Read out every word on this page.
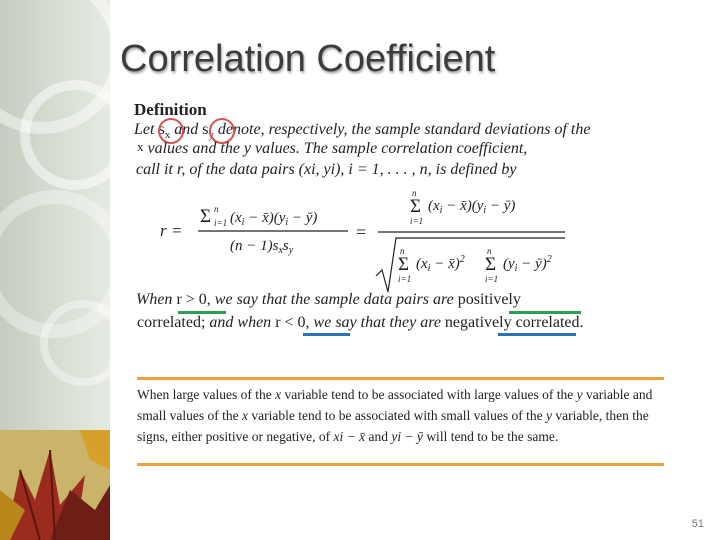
Correlation Coefficient
Definition
Let $s_x$ and $s_y$ denote, respectively, the sample standard deviations of the
x values and the y values. The sample correlation coefficient,
call it r, of the data pairs (xi, yi), i = 1, . . . , n, is defined by
r =
Σ n
i=1 ($x_i$ − $x̄)(y_i$ − ȳ)
$(n - 1)s_xs_y$
=
Σ
n
i=1
($x_i$ − $x̄)(y_i$ − ȳ)
Σ
n
i=1
($x_i$ − x̄)$^2$ Σ
n
i=1
($y_i$ − ȳ)$^2$
When r > 0, we say that the sample data pairs are positively
correlated; and when r < 0, we say that they are negatively correlated.
When large values of the x variable tend to be associated with large values of the y variable and small values of the x variable tend to be associated with small values of the y variable, then the signs, either positive or negative, of xi − x̄ and yi − ȳ will tend to be the same.
51
